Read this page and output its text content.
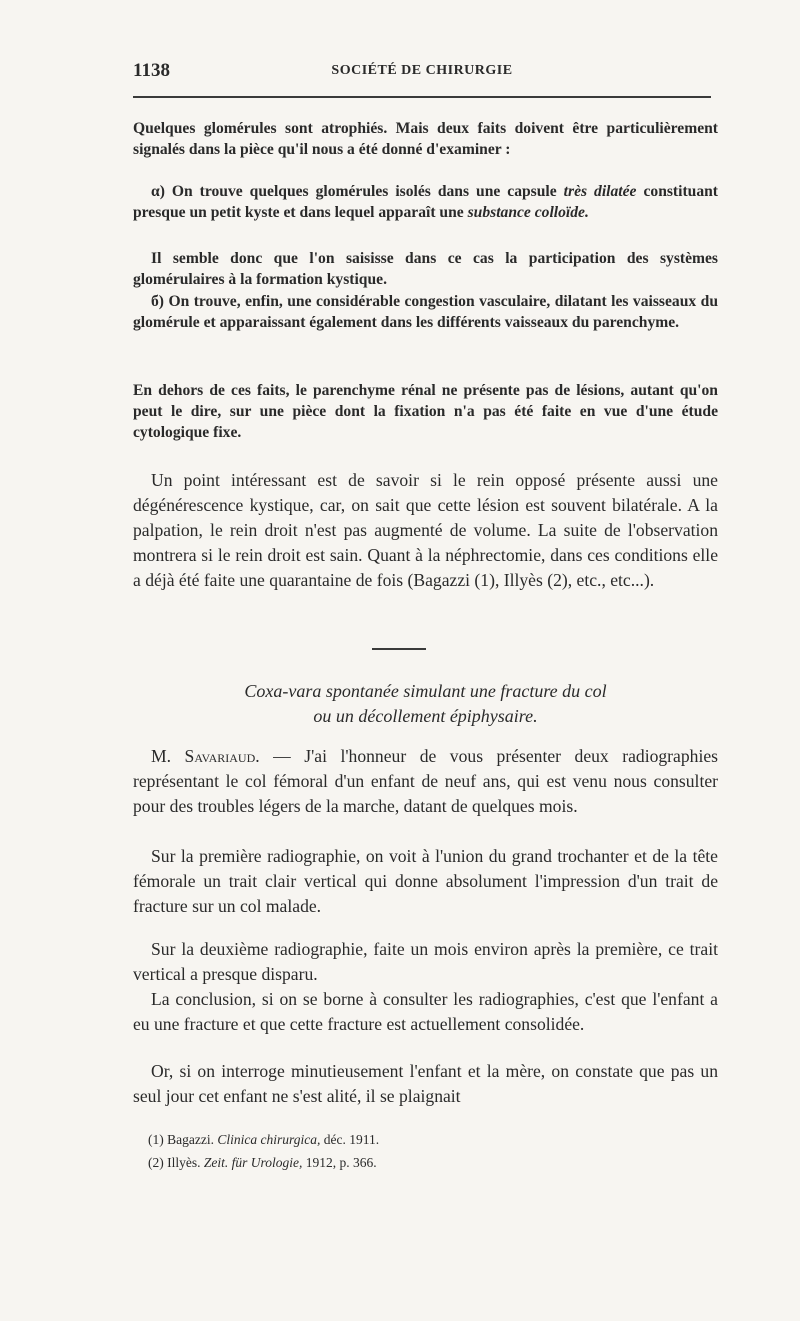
1138	SOCIÉTÉ DE CHIRURGIE

Quelques glomérules sont atrophiés. Mais deux faits doivent être particulièrement signalés dans la pièce qu'il nous a été donné d'examiner :

α) On trouve quelques glomérules isolés dans une capsule très dilatée constituant presque un petit kyste et dans lequel apparaît une substance colloïde.

Il semble donc que l'on saisisse dans ce cas la participation des systèmes glomérulaires à la formation kystique.

б) On trouve, enfin, une considérable congestion vasculaire, dilatant les vaisseaux du glomérule et apparaissant également dans les différents vaisseaux du parenchyme.

En dehors de ces faits, le parenchyme rénal ne présente pas de lésions, autant qu'on peut le dire, sur une pièce dont la fixation n'a pas été faite en vue d'une étude cytologique fixe.

Un point intéressant est de savoir si le rein opposé présente aussi une dégénérescence kystique, car, on sait que cette lésion est souvent bilatérale. A la palpation, le rein droit n'est pas augmenté de volume. La suite de l'observation montrera si le rein droit est sain. Quant à la néphrectomie, dans ces conditions elle a déjà été faite une quarantaine de fois (Bagazzi (1), Illyès (2), etc., etc...).

Coxa-vara spontanée simulant une fracture du col
ou un décollement épiphysaire.

M. Savariaud. — J'ai l'honneur de vous présenter deux radiographies représentant le col fémoral d'un enfant de neuf ans, qui est venu nous consulter pour des troubles légers de la marche, datant de quelques mois.

Sur la première radiographie, on voit à l'union du grand trochanter et de la tête fémorale un trait clair vertical qui donne absolument l'impression d'un trait de fracture sur un col malade.

Sur la deuxième radiographie, faite un mois environ après la première, ce trait vertical a presque disparu.

La conclusion, si on se borne à consulter les radiographies, c'est que l'enfant a eu une fracture et que cette fracture est actuellement consolidée.

Or, si on interroge minutieusement l'enfant et la mère, on constate que pas un seul jour cet enfant ne s'est alité, il se plaignait

(1) Bagazzi. Clinica chirurgica, déc. 1911.
(2) Illyès. Zeit. für Urologie, 1912, p. 366.
